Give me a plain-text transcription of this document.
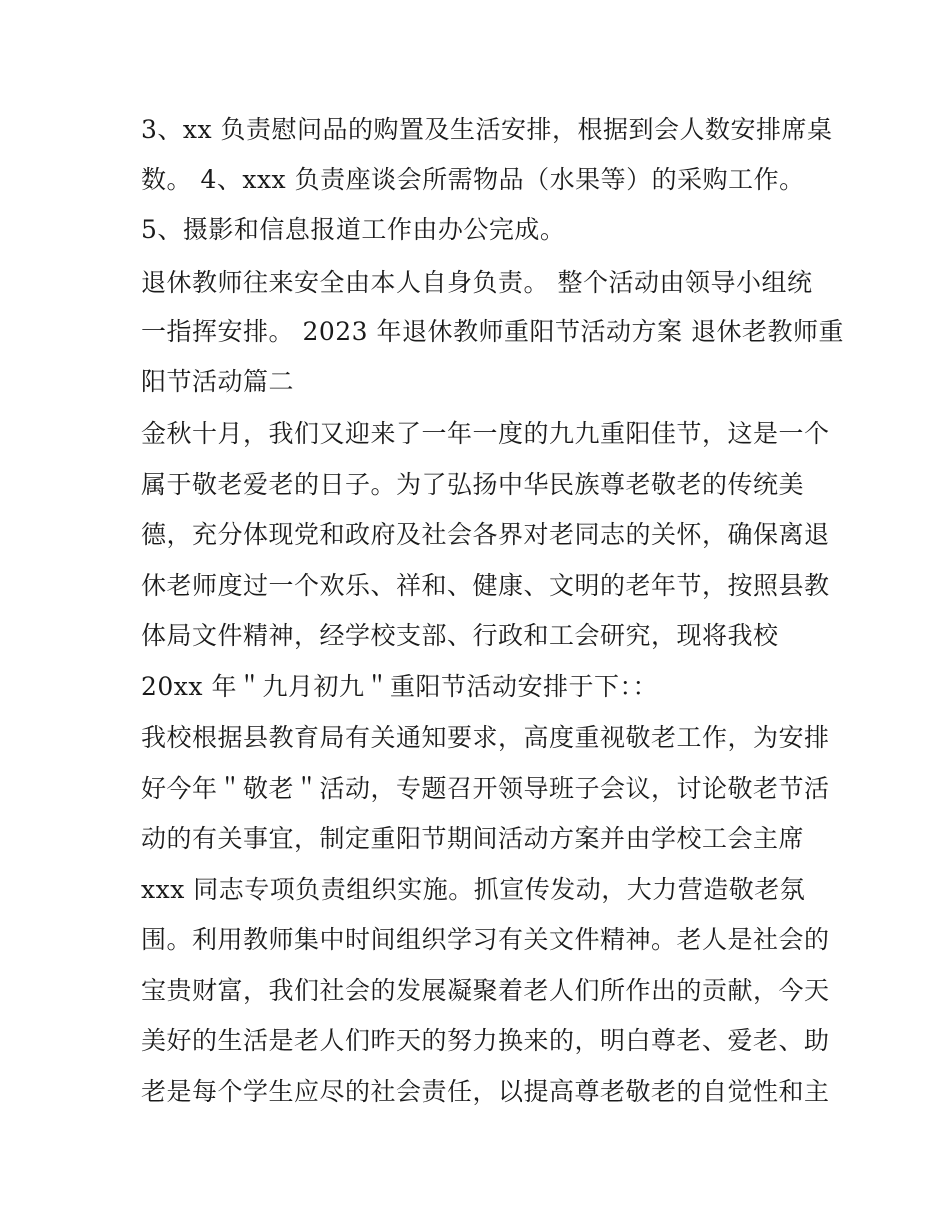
3、xx 负责慰问品的购置及生活安排，根据到会人数安排席桌
数。 4、xxx 负责座谈会所需物品（水果等）的采购工作。
5、摄影和信息报道工作由办公完成。
退休教师往来安全由本人自身负责。 整个活动由领导小组统
一指挥安排。 2023 年退休教师重阳节活动方案 退休老教师重
阳节活动篇二
金秋十月，我们又迎来了一年一度的九九重阳佳节，这是一个
属于敬老爱老的日子。为了弘扬中华民族尊老敬老的传统美
德，充分体现党和政府及社会各界对老同志的关怀，确保离退
休老师度过一个欢乐、祥和、健康、文明的老年节，按照县教
体局文件精神，经学校支部、行政和工会研究，现将我校
20xx 年＂九月初九＂重阳节活动安排于下：：
我校根据县教育局有关通知要求，高度重视敬老工作，为安排
好今年＂敬老＂活动，专题召开领导班子会议，讨论敬老节活
动的有关事宜，制定重阳节期间活动方案并由学校工会主席
xxx 同志专项负责组织实施。抓宣传发动，大力营造敬老氛
围。利用教师集中时间组织学习有关文件精神。老人是社会的
宝贵财富，我们社会的发展凝聚着老人们所作出的贡献，今天
美好的生活是老人们昨天的努力换来的，明白尊老、爱老、助
老是每个学生应尽的社会责任，以提高尊老敬老的自觉性和主
